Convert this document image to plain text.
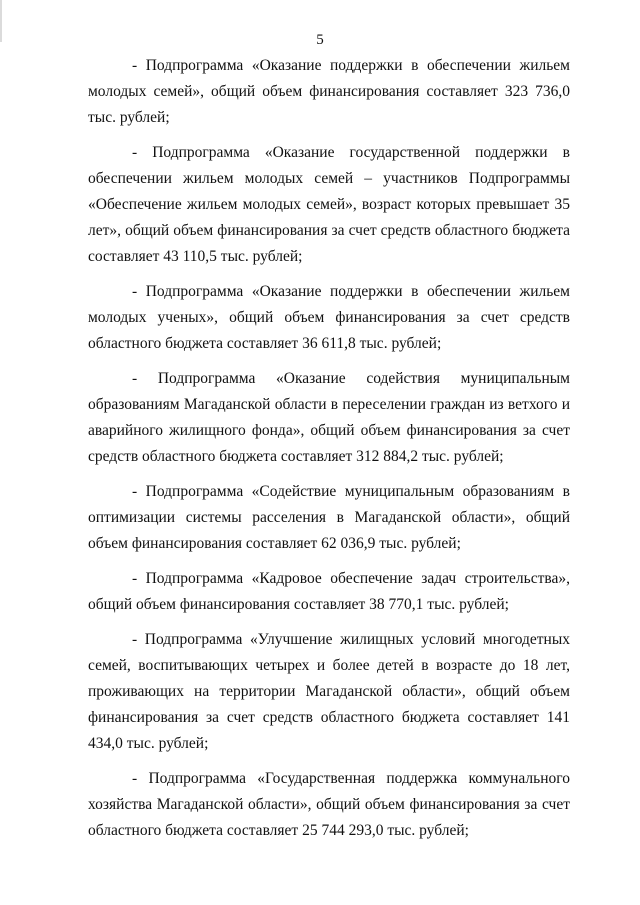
5

- Подпрограмма «Оказание поддержки в обеспечении жильем молодых семей», общий объем финансирования составляет 323 736,0 тыс. рублей;

- Подпрограмма «Оказание государственной поддержки в обеспечении жильем молодых семей – участников Подпрограммы «Обеспечение жильем молодых семей», возраст которых превышает 35 лет», общий объем финансирования за счет средств областного бюджета составляет 43 110,5 тыс. рублей;

- Подпрограмма «Оказание поддержки в обеспечении жильем молодых ученых», общий объем финансирования за счет средств областного бюджета составляет 36 611,8 тыс. рублей;

- Подпрограмма «Оказание содействия муниципальным образованиям Магаданской области в переселении граждан из ветхого и аварийного жилищного фонда», общий объем финансирования за счет средств областного бюджета составляет 312 884,2 тыс. рублей;

- Подпрограмма «Содействие муниципальным образованиям в оптимизации системы расселения в Магаданской области», общий объем финансирования составляет 62 036,9 тыс. рублей;

- Подпрограмма «Кадровое обеспечение задач строительства», общий объем финансирования составляет 38 770,1 тыс. рублей;

- Подпрограмма «Улучшение жилищных условий многодетных семей, воспитывающих четырех и более детей в возрасте до 18 лет, проживающих на территории Магаданской области», общий объем финансирования за счет средств областного бюджета составляет 141 434,0 тыс. рублей;

- Подпрограмма «Государственная поддержка коммунального хозяйства Магаданской области», общий объем финансирования за счет областного бюджета составляет 25 744 293,0 тыс. рублей;
